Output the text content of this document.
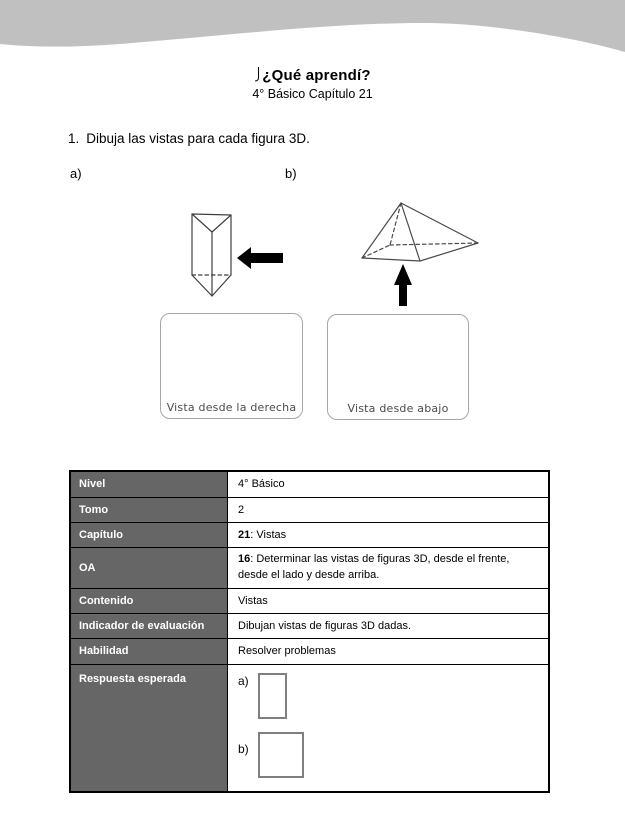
¿Qué aprendí?
4° Básico Capítulo 21
1. Dibuja las vistas para cada figura 3D.
a)	b)
Vista desde la derecha	Vista desde abajo
Nivel	4° Básico
Tomo	2
Capítulo	21: Vistas
OA	16: Determinar las vistas de figuras 3D, desde el frente, desde el lado y desde arriba.
Contenido	Vistas
Indicador de evaluación	Dibujan vistas de figuras 3D dadas.
Habilidad	Resolver problemas
Respuesta esperada	a)
b)
